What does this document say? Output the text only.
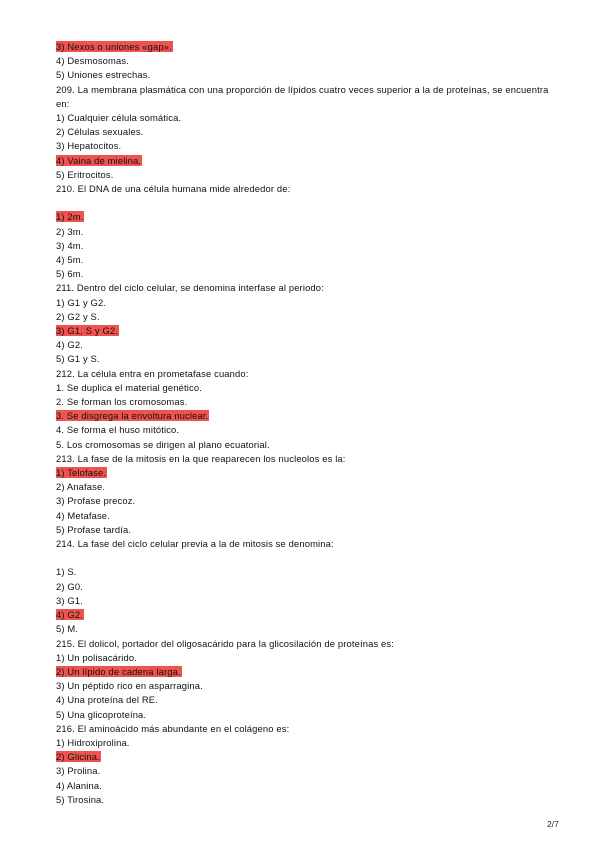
3) Nexos o uniones «gap».
4) Desmosomas.
5) Uniones estrechas.
209. La membrana plasmática con una proporción de lípidos cuatro veces superior a la de proteínas, se encuentra en:
1) Cualquier célula somática.
2) Células sexuales.
3) Hepatocitos.
4) Vaina de mielina.
5) Eritrocitos.
210. El DNA de una célula humana mide alrededor de:
1) 2m.
2) 3m.
3) 4m.
4) 5m.
5) 6m.
211. Dentro del ciclo celular, se denomina interfase al periodo:
1) G1 y G2.
2) G2 y S.
3) G1, S y G2.
4) G2.
5) G1 y S.
212. La célula entra en prometafase cuando:
1. Se duplica el material genético.
2. Se forman los cromosomas.
3. Se disgrega la envoltura nuclear.
4. Se forma el huso mitótico.
5. Los cromosomas se dirigen al plano ecuatorial.
213. La fase de la mitosis en la que reaparecen los nucleolos es la:
1) Telofase.
2) Anafase.
3) Profase precoz.
4) Metafase.
5) Profase tardía.
214. La fase del ciclo celular previa a la de mitosis se denomina:
1) S.
2) G0.
3) G1.
4) G2.
5) M.
215. El dolicol, portador del oligosacárido para la glicosilación de proteínas es:
1) Un polisacárido.
2) Un lípido de cadena larga.
3) Un péptido rico en asparragina.
4) Una proteína del RE.
5) Una glicoproteína.
216. El aminoácido más abundante en el colágeno es:
1) Hidroxiprolina.
2) Glicina.
3) Prolina.
4) Alanina.
5) Tirosina.
2/7
